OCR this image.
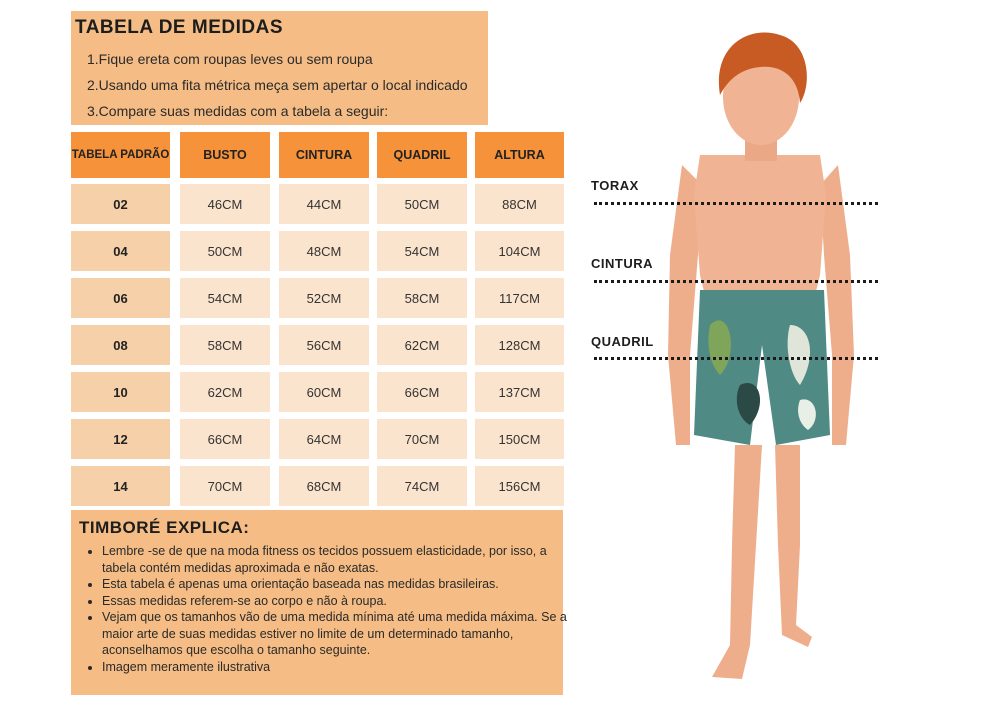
TABELA DE MEDIDAS
1.Fique ereta com roupas leves ou sem roupa
2.Usando uma fita métrica meça sem apertar o local indicado
3.Compare suas medidas com a tabela a seguir:
TABELA PADRÃO	BUSTO	CINTURA	QUADRIL	ALTURA
02	46CM	44CM	50CM	88CM
04	50CM	48CM	54CM	104CM
06	54CM	52CM	58CM	117CM
08	58CM	56CM	62CM	128CM
10	62CM	60CM	66CM	137CM
12	66CM	64CM	70CM	150CM
14	70CM	68CM	74CM	156CM
TIMBORÉ EXPLICA:
• Lembre -se de que na moda fitness os tecidos possuem elasticidade, por isso, a tabela contém medidas aproximada e não exatas.
• Esta tabela é apenas uma orientação baseada nas medidas brasileiras.
• Essas medidas referem-se ao corpo e não à roupa.
• Vejam que os tamanhos vão de uma medida mínima até uma medida máxima. Se a maior arte de suas medidas estiver no limite de um determinado tamanho, aconselhamos que escolha o tamanho seguinte.
• Imagem meramente ilustrativa
TORAX
CINTURA
QUADRIL
